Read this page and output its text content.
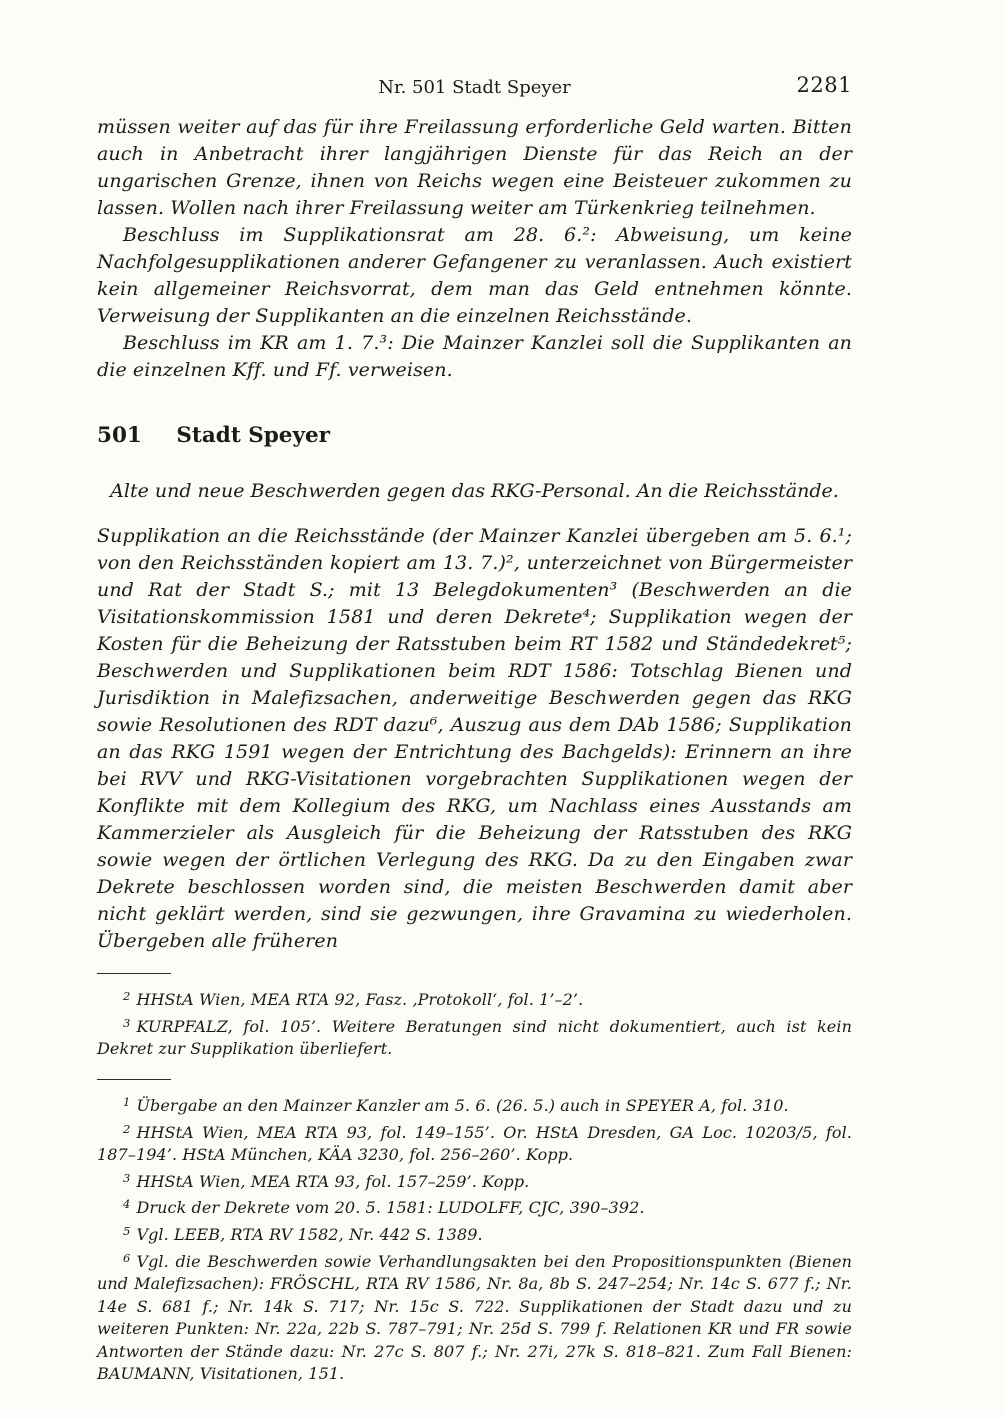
Nr. 501 Stadt Speyer	2281

müssen weiter auf das für ihre Freilassung erforderliche Geld warten. Bitten auch in Anbetracht ihrer langjährigen Dienste für das Reich an der ungarischen Grenze, ihnen von Reichs wegen eine Beisteuer zukommen zu lassen. Wollen nach ihrer Freilassung weiter am Türkenkrieg teilnehmen.

Beschluss im Supplikationsrat am 28. 6.²: Abweisung, um keine Nachfolgesupplikationen anderer Gefangener zu veranlassen. Auch existiert kein allgemeiner Reichsvorrat, dem man das Geld entnehmen könnte. Verweisung der Supplikanten an die einzelnen Reichsstände.

Beschluss im KR am 1. 7.³: Die Mainzer Kanzlei soll die Supplikanten an die einzelnen Kff. und Ff. verweisen.

501 Stadt Speyer

Alte und neue Beschwerden gegen das RKG-Personal. An die Reichsstände.

Supplikation an die Reichsstände (der Mainzer Kanzlei übergeben am 5. 6.¹; von den Reichsständen kopiert am 13. 7.)², unterzeichnet von Bürgermeister und Rat der Stadt S.; mit 13 Belegdokumenten³ (Beschwerden an die Visitationskommission 1581 und deren Dekrete⁴; Supplikation wegen der Kosten für die Beheizung der Ratsstuben beim RT 1582 und Ständedekret⁵; Beschwerden und Supplikationen beim RDT 1586: Totschlag Bienen und Jurisdiktion in Malefizsachen, anderweitige Beschwerden gegen das RKG sowie Resolutionen des RDT dazu⁶, Auszug aus dem DAb 1586; Supplikation an das RKG 1591 wegen der Entrichtung des Bachgelds): Erinnern an ihre bei RVV und RKG-Visitationen vorgebrachten Supplikationen wegen der Konflikte mit dem Kollegium des RKG, um Nachlass eines Ausstands am Kammerzieler als Ausgleich für die Beheizung der Ratsstuben des RKG sowie wegen der örtlichen Verlegung des RKG. Da zu den Eingaben zwar Dekrete beschlossen worden sind, die meisten Beschwerden damit aber nicht geklärt werden, sind sie gezwungen, ihre Gravamina zu wiederholen. Übergeben alle früheren

$^2$ HHStA Wien, MEA RTA 92, Fasz. ‚Protokoll‘, fol. 1’–2’.

$^3$ KURPFALZ, fol. 105’. Weitere Beratungen sind nicht dokumentiert, auch ist kein Dekret zur Supplikation überliefert.

$^1$ Übergabe an den Mainzer Kanzler am 5. 6. (26. 5.) auch in SPEYER A, fol. 310.

$^2$ HHStA Wien, MEA RTA 93, fol. 149–155’. Or. HStA Dresden, GA Loc. 10203/5, fol. 187–194’. HStA München, KÄA 3230, fol. 256–260’. Kopp.

$^3$ HHStA Wien, MEA RTA 93, fol. 157–259’. Kopp.

$^4$ Druck der Dekrete vom 20. 5. 1581: LUDOLFF, CJC, 390–392.

$^5$ Vgl. LEEB, RTA RV 1582, Nr. 442 S. 1389.

$^6$ Vgl. die Beschwerden sowie Verhandlungsakten bei den Propositionspunkten (Bienen und Malefizsachen): FRÖSCHL, RTA RV 1586, Nr. 8a, 8b S. 247–254; Nr. 14c S. 677 f.; Nr. 14e S. 681 f.; Nr. 14k S. 717; Nr. 15c S. 722. Supplikationen der Stadt dazu und zu weiteren Punkten: Nr. 22a, 22b S. 787–791; Nr. 25d S. 799 f. Relationen KR und FR sowie Antworten der Stände dazu: Nr. 27c S. 807 f.; Nr. 27i, 27k S. 818–821. Zum Fall Bienen: BAUMANN, Visitationen, 151.
